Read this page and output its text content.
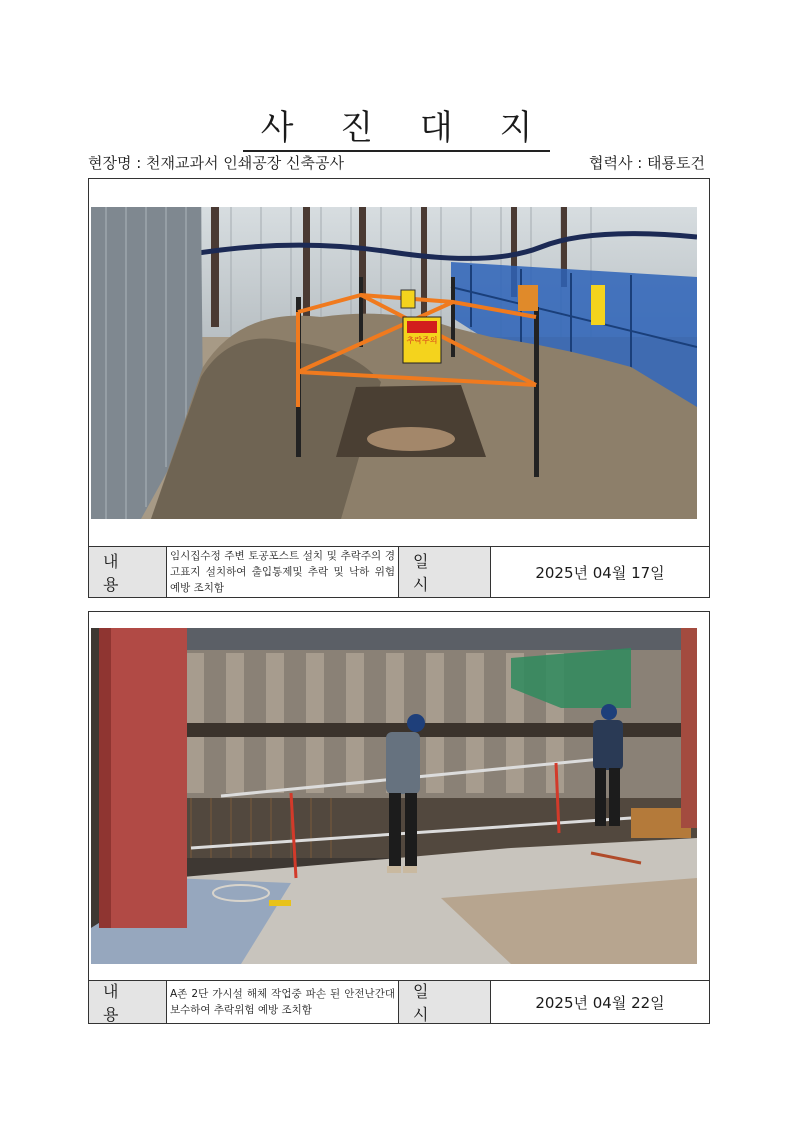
사 진 대 지
현장명 : 천재교과서 인쇄공장 신축공사	협력사 : 태룡토건
추락주의
내 용
임시집수정 주변 토공포스트 설치 및 추락주의 경고표지 설치하여 출입통제및 추락 및 낙하 위험 예방 조치함
일 시
2025년 04월 17일
내 용
A존 2단 가시설 해체 작업중 파손 된 안전난간대 보수하여 추락위험 예방 조치함
일 시
2025년 04월 22일
